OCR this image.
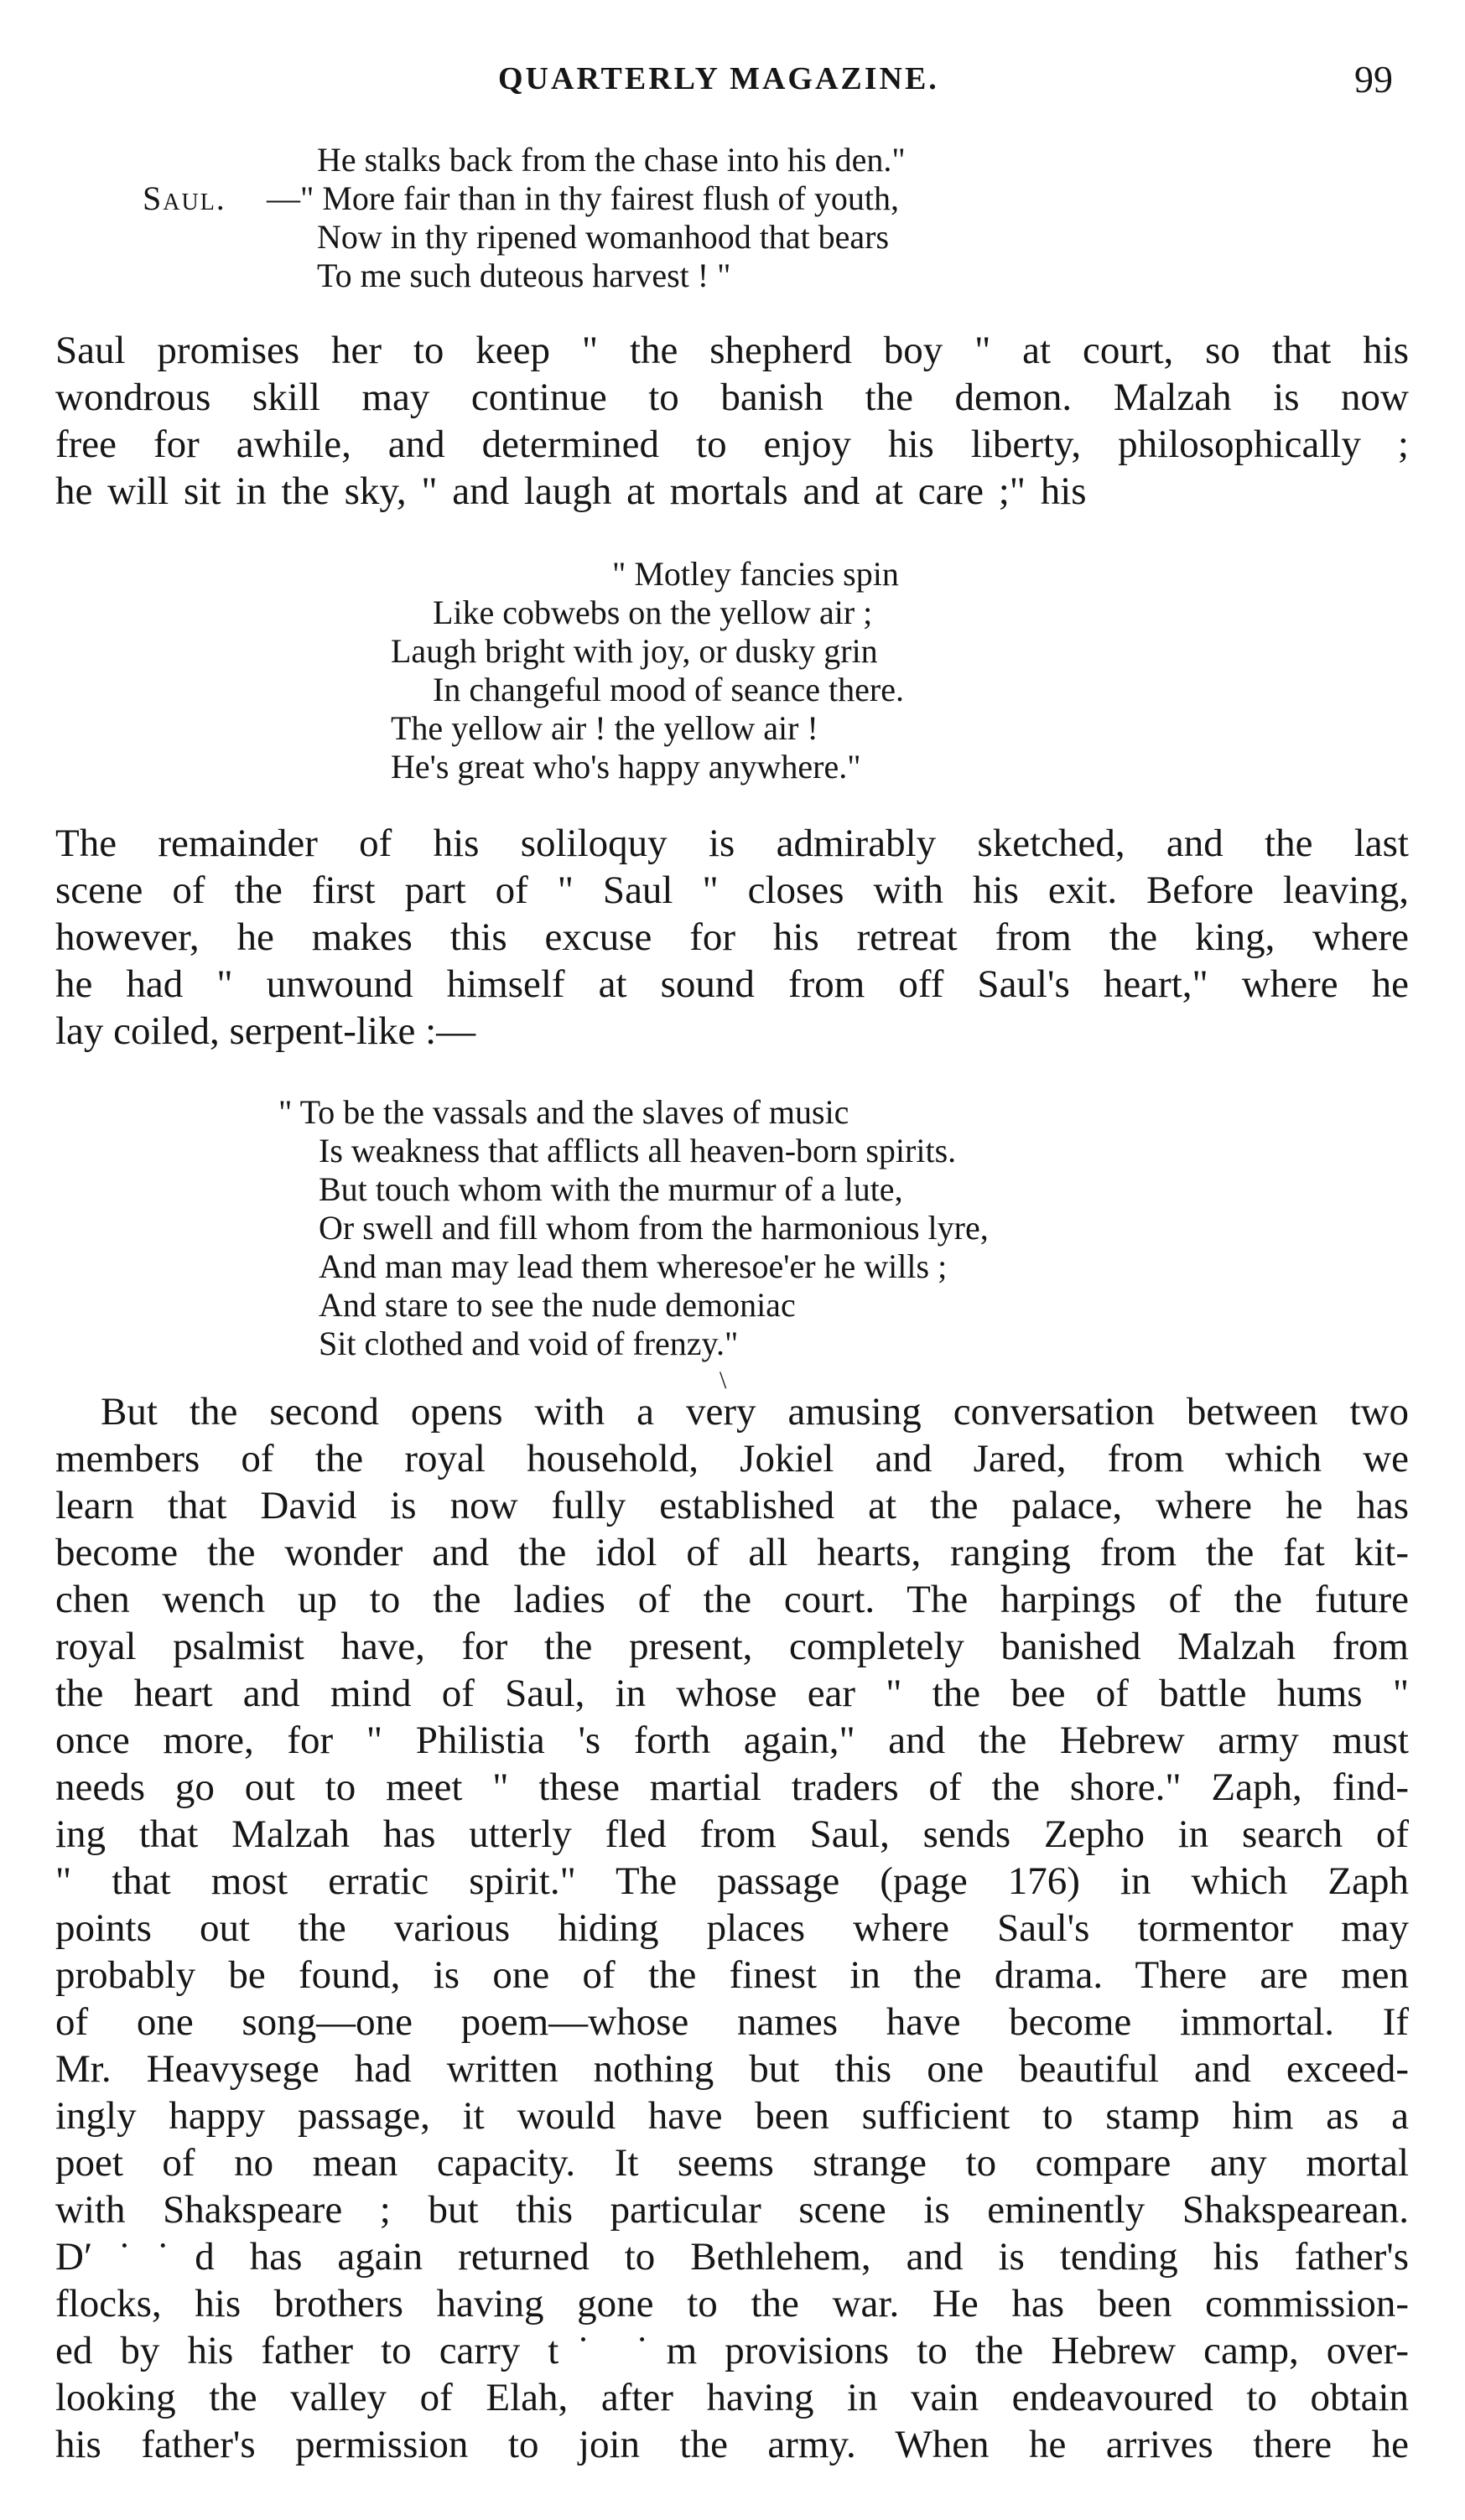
QUARTERLY MAGAZINE.	99
He stalks back from the chase into his den."
Saul. —" More fair than in thy fairest flush of youth,
Now in thy ripened womanhood that bears
To me such duteous harvest ! "
Saul promises her to keep " the shepherd boy " at court, so that his
wondrous skill may continue to banish the demon. Malzah is now
free for awhile, and determined to enjoy his liberty, philosophically ;
he will sit in the sky, " and laugh at mortals and at care ;" his
" Motley fancies spin
Like cobwebs on the yellow air ;
Laugh bright with joy, or dusky grin
In changeful mood of seance there.
The yellow air ! the yellow air !
He's great who's happy anywhere."
The remainder of his soliloquy is admirably sketched, and the last
scene of the first part of " Saul " closes with his exit. Before leaving,
however, he makes this excuse for his retreat from the king, where
he had " unwound himself at sound from off Saul's heart," where he
lay coiled, serpent-like :—
" To be the vassals and the slaves of music
Is weakness that afflicts all heaven-born spirits.
But touch whom with the murmur of a lute,
Or swell and fill whom from the harmonious lyre,
And man may lead them wheresoe'er he wills ;
And stare to see the nude demoniac
Sit clothed and void of frenzy."
\
But the second opens with a very amusing conversation between two
members of the royal household, Jokiel and Jared, from which we
learn that David is now fully established at the palace, where he has
become the wonder and the idol of all hearts, ranging from the fat kit-
chen wench up to the ladies of the court. The harpings of the future
royal psalmist have, for the present, completely banished Malzah from
the heart and mind of Saul, in whose ear " the bee of battle hums "
once more, for " Philistia 's forth again," and the Hebrew army must
needs go out to meet " these martial traders of the shore." Zaph, find-
ing that Malzah has utterly fled from Saul, sends Zepho in search of
" that most erratic spirit." The passage (page 176) in which Zaph
points out the various hiding places where Saul's tormentor may
probably be found, is one of the finest in the drama. There are men
of one song—one poem—whose names have become immortal. If
Mr. Heavysege had written nothing but this one beautiful and exceed-
ingly happy passage, it would have been sufficient to stamp him as a
poet of no mean capacity. It seems strange to compare any mortal
with Shakspeare ; but this particular scene is eminently Shakspearean.
D′˙˙d has again returned to Bethlehem, and is tending his father's
flocks, his brothers having gone to the war. He has been commission-
ed by his father to carry t˙ ˙m provisions to the Hebrew camp, over-
looking the valley of Elah, after having in vain endeavoured to obtain
his father's permission to join the army. When he arrives there he
